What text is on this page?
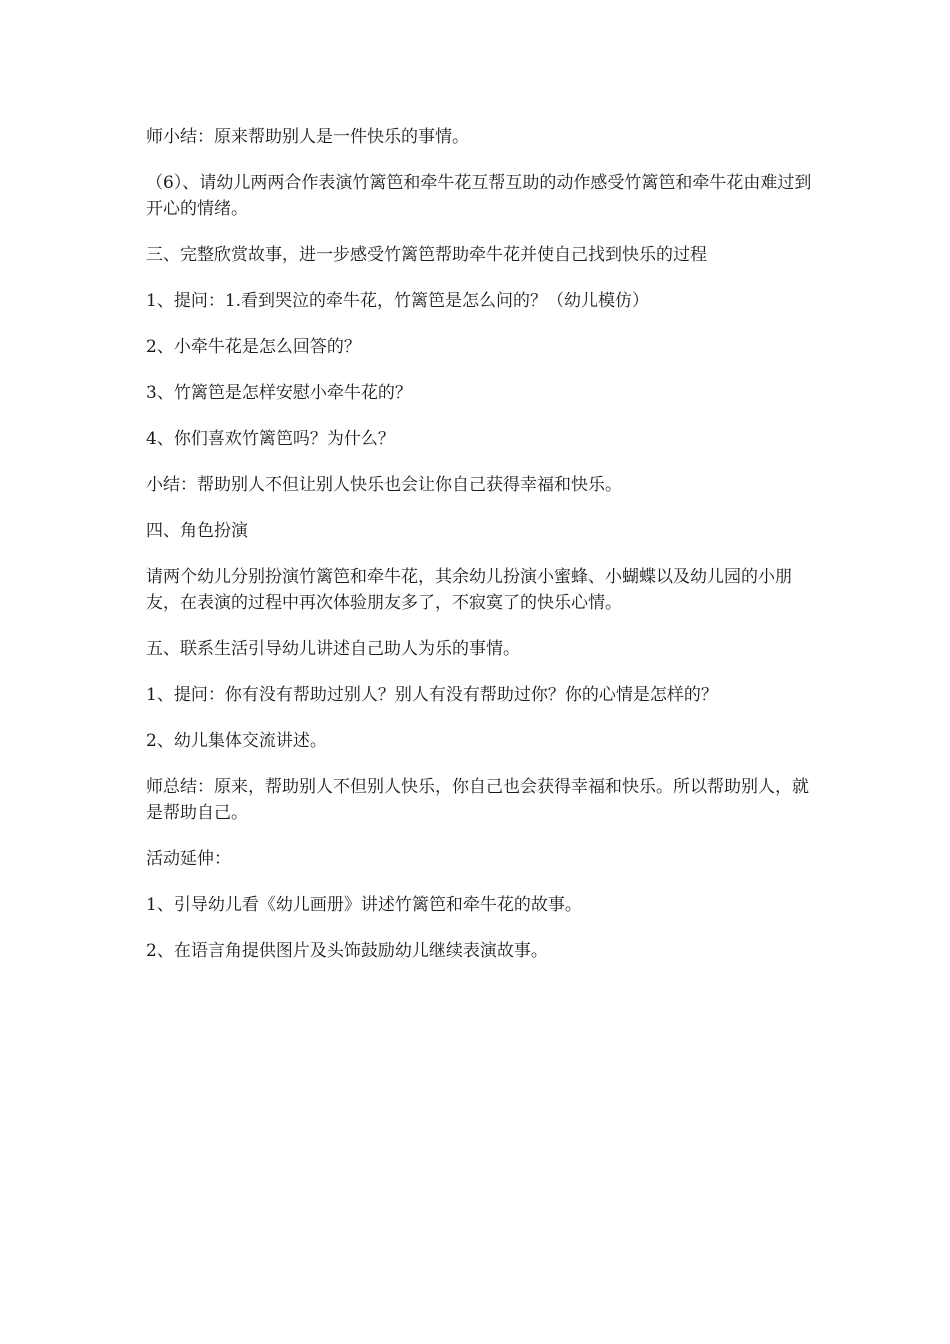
师小结：原来帮助别人是一件快乐的事情。

（6）、请幼儿两两合作表演竹篱笆和牵牛花互帮互助的动作感受竹篱笆和牵牛花由难过到开心的情绪。

三、完整欣赏故事，进一步感受竹篱笆帮助牵牛花并使自己找到快乐的过程

1、提问：1.看到哭泣的牵牛花，竹篱笆是怎么问的？（幼儿模仿）

2、小牵牛花是怎么回答的？

3、竹篱笆是怎样安慰小牵牛花的？

4、你们喜欢竹篱笆吗？为什么？

小结：帮助别人不但让别人快乐也会让你自己获得幸福和快乐。

四、角色扮演

请两个幼儿分别扮演竹篱笆和牵牛花，其余幼儿扮演小蜜蜂、小蝴蝶以及幼儿园的小朋友，在表演的过程中再次体验朋友多了，不寂寞了的快乐心情。

五、联系生活引导幼儿讲述自己助人为乐的事情。

1、提问：你有没有帮助过别人？别人有没有帮助过你？你的心情是怎样的？

2、幼儿集体交流讲述。

师总结：原来，帮助别人不但别人快乐，你自己也会获得幸福和快乐。所以帮助别人，就是帮助自己。

活动延伸：

1、引导幼儿看《幼儿画册》讲述竹篱笆和牵牛花的故事。

2、在语言角提供图片及头饰鼓励幼儿继续表演故事。
